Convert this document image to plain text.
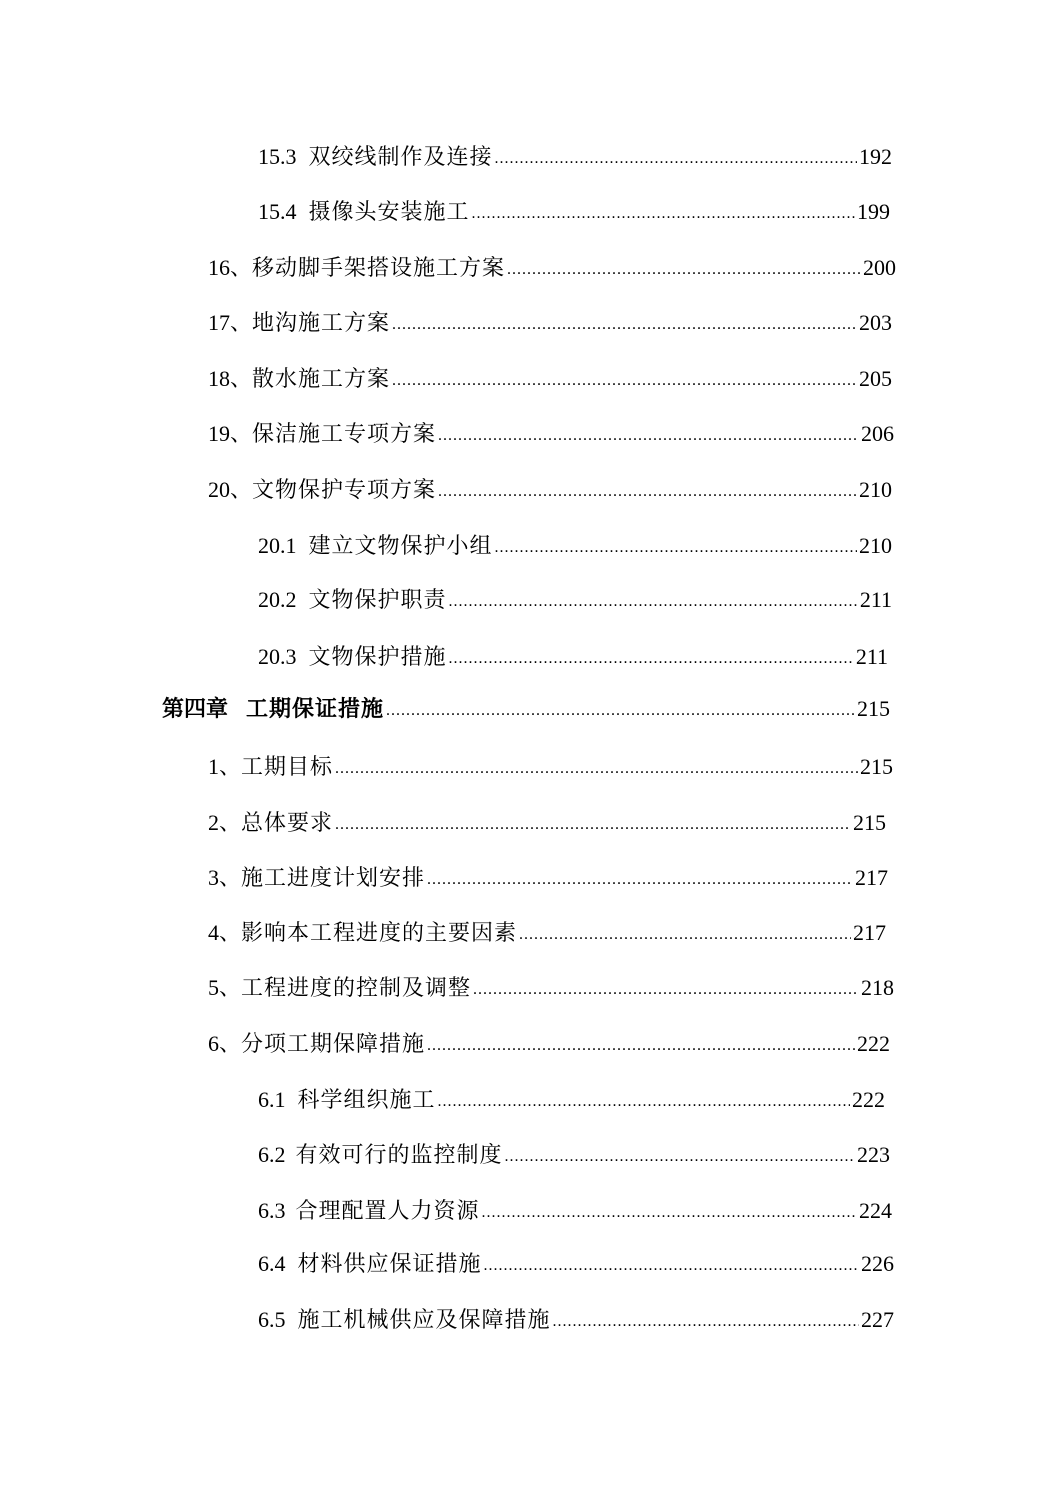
15.3 双绞线制作及连接 .....	192
15.4 摄像头安装施工 .....	199
16 、 移动脚手架搭设施工方案 .....	200
17 、 地沟施工方案 .....	203
18 、 散水施工方案 .....	205
19 、 保洁施工专项方案 .....	206
20 、 文物保护专项方案 .....	210
20.1 建立文物保护小组 .....	210
20.2 文物保护职责 .....	211
20.3 文物保护措施 .....	211
第四章 工期保证措施 .....	215
1 、 工期目标 .....	215
2 、 总体要求 .....	215
3 、 施工进度计划安排 .....	217
4 、 影响本工程进度的主要因素 .....	217
5 、 工程进度的控制及调整 .....	218
6 、 分项工期保障措施 .....	222
6.1 科学组织施工 .....	222
6.2 有效可行的监控制度 .....	223
6.3 合理配置人力资源 .....	224
6.4 材料供应保证措施 .....	226
6.5 施工机械供应及保障措施 .....	227
